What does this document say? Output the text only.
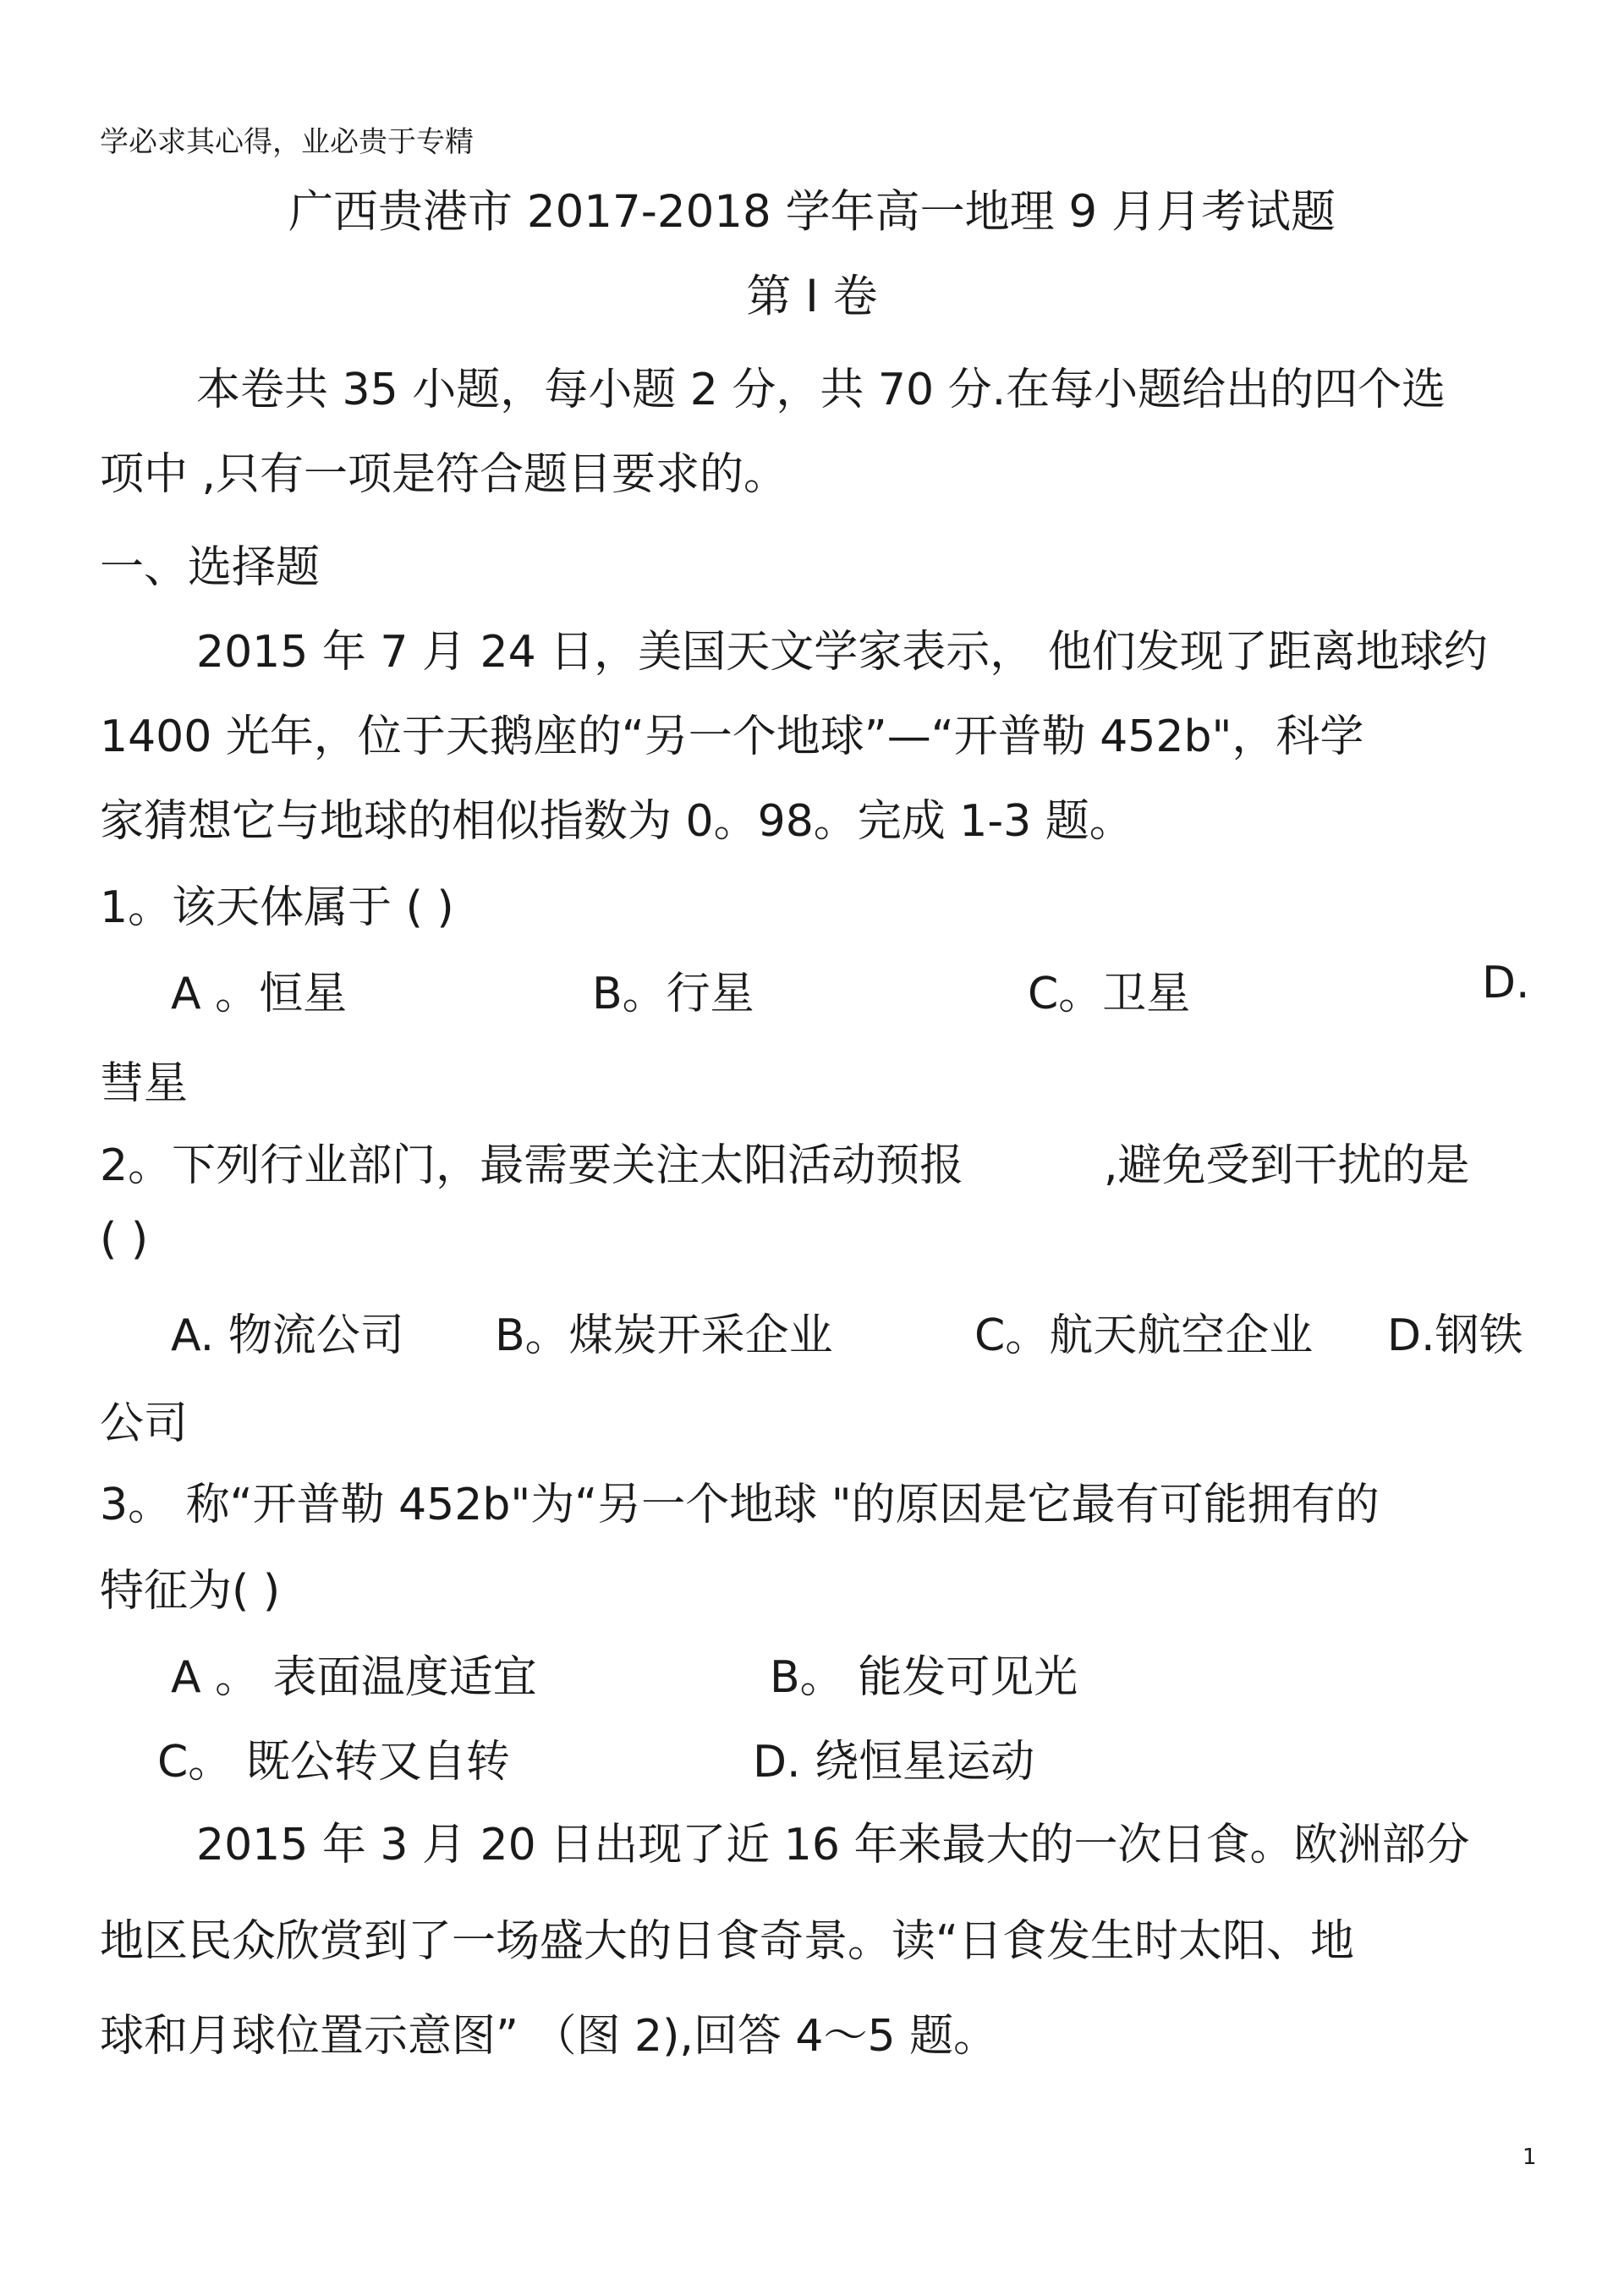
学必求其心得，业必贵于专精
广西贵港市 2017-2018 学年高一地理 9 月月考试题
第 I 卷
本卷共 35 小题，每小题 2 分，共 70 分.在每小题给出的四个选
项中 ,只有一项是符合题目要求的。
一、选择题
2015 年 7 月 24 日，美国天文学家表示， 他们发现了距离地球约
1400 光年，位于天鹅座的“另一个地球”—“开普勒 452b"，科学
家猜想它与地球的相似指数为 0。98。完成 1-3 题。
1。该天体属于 ( )
A 。恒星	B。行星	C。卫星	D.
彗星
2。下列行业部门，最需要关注太阳活动预报	,避免受到干扰的是
( )
A. 物流公司 B。煤炭开采企业	C。航天航空企业 D.钢铁
公司
3。 称“开普勒 452b"为“另一个地球 "的原因是它最有可能拥有的
特征为( )
A 。 表面温度适宜	B。 能发可见光
C。 既公转又自转	D. 绕恒星运动
2015 年 3 月 20 日出现了近 16 年来最大的一次日食。欧洲部分
地区民众欣赏到了一场盛大的日食奇景。读“日食发生时太阳、地
球和月球位置示意图” （图 2),回答 4～5 题。
1
